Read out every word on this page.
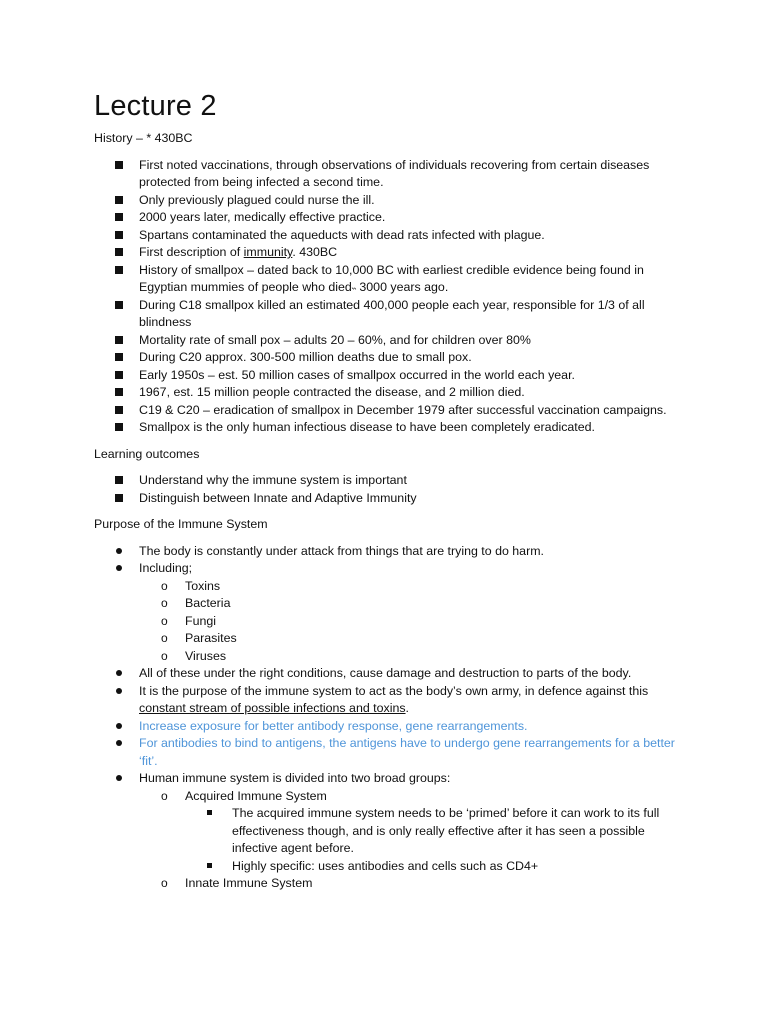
Lecture 2

History – * 430BC

First noted vaccinations, through observations of individuals recovering from certain diseases protected from being infected a second time.
Only previously plagued could nurse the ill.
2000 years later, medically effective practice.
Spartans contaminated the aqueducts with dead rats infected with plague.
First description of immunity. 430BC
History of smallpox – dated back to 10,000 BC with earliest credible evidence being found in Egyptian mummies of people who died˵ 3000 years ago.
During C18 smallpox killed an estimated 400,000 people each year, responsible for 1/3 of all blindness
Mortality rate of small pox – adults 20 – 60%, and for children over 80%
During C20 approx. 300-500 million deaths due to small pox.
Early 1950s – est. 50 million cases of smallpox occurred in the world each year.
1967, est. 15 million people contracted the disease, and 2 million died.
C19 & C20 – eradication of smallpox in December 1979 after successful vaccination campaigns.
Smallpox is the only human infectious disease to have been completely eradicated.

Learning outcomes

Understand why the immune system is important
Distinguish between Innate and Adaptive Immunity

Purpose of the Immune System

The body is constantly under attack from things that are trying to do harm.
Including;
o Toxins
o Bacteria
o Fungi
o Parasites
o Viruses
All of these under the right conditions, cause damage and destruction to parts of the body.
It is the purpose of the immune system to act as the body’s own army, in defence against this constant stream of possible infections and toxins.
Increase exposure for better antibody response, gene rearrangements.
For antibodies to bind to antigens, the antigens have to undergo gene rearrangements for a better ‘fit’.
Human immune system is divided into two broad groups:
o Acquired Immune System
The acquired immune system needs to be ‘primed’ before it can work to its full effectiveness though, and is only really effective after it has seen a possible infective agent before.
Highly specific: uses antibodies and cells such as CD4+
o Innate Immune System
